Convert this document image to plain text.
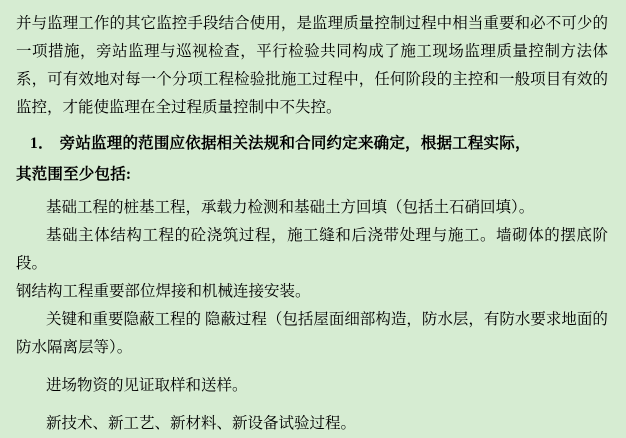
并与监理工作的其它监控手段结合使用，是监理质量控制过程中相当重要和必不可少的一项措施，旁站监理与巡视检查，平行检验共同构成了施工现场监理质量控制方法体系，可有效地对每一个分项工程检验批施工过程中，任何阶段的主控和一般项目有效的监控，才能使监理在全过程质量控制中不失控。

1． 旁站监理的范围应依据相关法规和合同约定来确定，根据工程实际，
其范围至少包括:

基础工程的桩基工程，承载力检测和基础土方回填（包括土石硝回填）。

基础主体结构工程的砼浇筑过程，施工缝和后浇带处理与施工。墙砌体的摆底阶段。

钢结构工程重要部位焊接和机械连接安装。

关键和重要隐蔽工程的 隐蔽过程（包括屋面细部构造，防水层，有防水要求地面的

防水隔离层等）。

进场物资的见证取样和送样。

新技术、新工艺、新材料、新设备试验过程。
